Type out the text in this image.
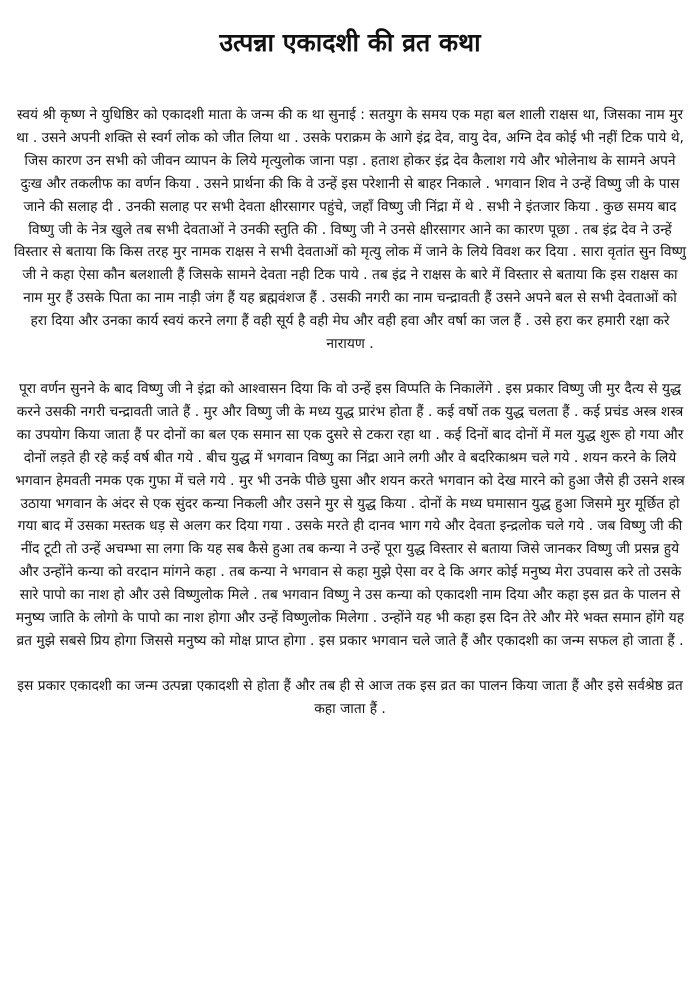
उत्पन्ना एकादशी की व्रत कथा

स्वयं श्री कृष्ण ने युधिष्ठिर को एकादशी माता के जन्म की क था सुनाई : सतयुग के समय एक महा बल शाली राक्षस था, जिसका नाम मुर था . उसने अपनी शक्ति से स्वर्ग लोक को जीत लिया था . उसके पराक्रम के आगे इंद्र देव, वायु देव, अग्नि देव कोई भी नहीं टिक पाये थे, जिस कारण उन सभी को जीवन व्यापन के लिये मृत्युलोक जाना पड़ा . हताश होकर इंद्र देव कैलाश गये और भोलेनाथ के सामने अपने दुःख और तकलीफ का वर्णन किया . उसने प्रार्थना की कि वे उन्हें इस परेशानी से बाहर निकाले . भगवान शिव ने उन्हें विष्णु जी के पास जाने की सलाह दी . उनकी सलाह पर सभी देवता क्षीरसागर पहुंचे, जहाँ विष्णु जी निंद्रा में थे . सभी ने इंतजार किया . कुछ समय बाद विष्णु जी के नेत्र खुले तब सभी देवताओं ने उनकी स्तुति की . विष्णु जी ने उनसे क्षीरसागर आने का कारण पूछा . तब इंद्र देव ने उन्हें विस्तार से बताया कि किस तरह मुर नामक राक्षस ने सभी देवताओं को मृत्यु लोक में जाने के लिये विवश कर दिया . सारा वृतांत सुन विष्णु जी ने कहा ऐसा कौन बलशाली हैं जिसके सामने देवता नही टिक पाये . तब इंद्र ने राक्षस के बारे में विस्तार से बताया कि इस राक्षस का नाम मुर हैं उसके पिता का नाम नाड़ी जंग हैं यह ब्रह्मवंशज हैं . उसकी नगरी का नाम चन्द्रावती हैं उसने अपने बल से सभी देवताओं को हरा दिया और उनका कार्य स्वयं करने लगा हैं वही सूर्य है वही मेघ और वही हवा और वर्षा का जल हैं . उसे हरा कर हमारी रक्षा करे नारायण .

पूरा वर्णन सुनने के बाद विष्णु जी ने इंद्रा को आश्वासन दिया कि वो उन्हें इस विप्पति के निकालेंगे . इस प्रकार विष्णु जी मुर दैत्य से युद्ध करने उसकी नगरी चन्द्रावती जाते हैं . मुर और विष्णु जी के मध्य युद्ध प्रारंभ होता हैं . कई वर्षो तक युद्ध चलता हैं . कई प्रचंड अस्त्र शस्त्र का उपयोग किया जाता हैं पर दोनों का बल एक समान सा एक दुसरे से टकरा रहा था . कई दिनों बाद दोनों में मल युद्ध शुरू हो गया और दोनों लड़ते ही रहे कई वर्ष बीत गये . बीच युद्ध में भगवान विष्णु का निंद्रा आने लगी और वे बदरिकाश्रम चले गये . शयन करने के लिये भगवान हेमवती नमक एक गुफा में चले गये . मुर भी उनके पीछे घुसा और शयन करते भगवान को देख मारने को हुआ जैसे ही उसने शस्त्र उठाया भगवान के अंदर से एक सुंदर कन्या निकली और उसने मुर से युद्ध किया . दोनों के मध्य घमासान युद्ध हुआ जिसमे मुर मूर्छित हो गया बाद में उसका मस्तक धड़ से अलग कर दिया गया . उसके मरते ही दानव भाग गये और देवता इन्द्रलोक चले गये . जब विष्णु जी की नींद टूटी तो उन्हें अचम्भा सा लगा कि यह सब कैसे हुआ तब कन्या ने उन्हें पूरा युद्ध विस्तार से बताया जिसे जानकर विष्णु जी प्रसन्न हुये और उन्होंने कन्या को वरदान मांगने कहा . तब कन्या ने भगवान से कहा मुझे ऐसा वर दे कि अगर कोई मनुष्य मेरा उपवास करे तो उसके सारे पापो का नाश हो और उसे विष्णुलोक मिले . तब भगवान विष्णु ने उस कन्या को एकादशी नाम दिया और कहा इस व्रत के पालन से मनुष्य जाति के लोगो के पापो का नाश होगा और उन्हें विष्णुलोक मिलेगा . उन्होंने यह भी कहा इस दिन तेरे और मेरे भक्त समान होंगे यह व्रत मुझे सबसे प्रिय होगा जिससे मनुष्य को मोक्ष प्राप्त होगा . इस प्रकार भगवान चले जाते हैं और एकादशी का जन्म सफल हो जाता हैं .

इस प्रकार एकादशी का जन्म उत्पन्ना एकादशी से होता हैं और तब ही से आज तक इस व्रत का पालन किया जाता हैं और इसे सर्वश्रेष्ठ व्रत कहा जाता हैं .
